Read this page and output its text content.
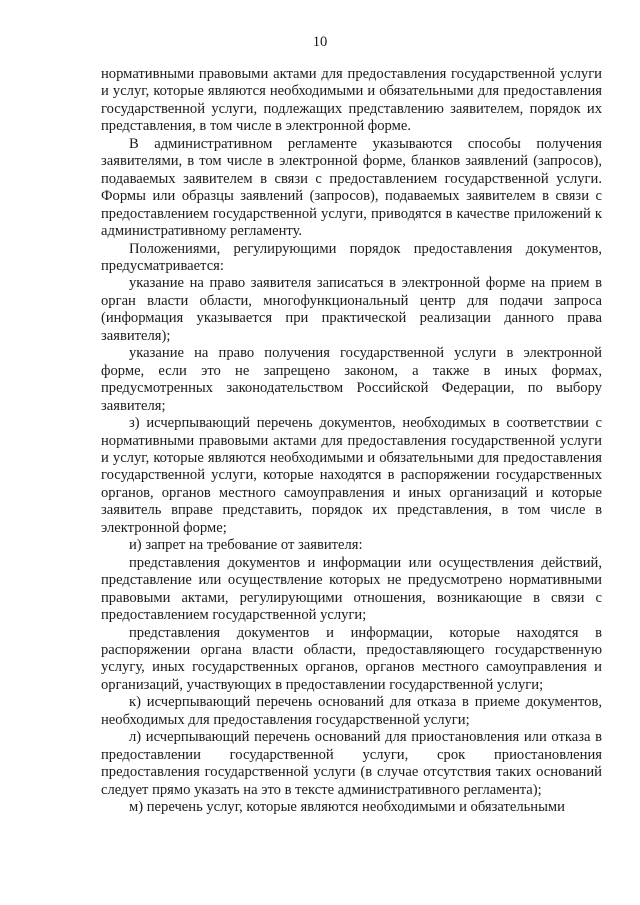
10

нормативными правовыми актами для предоставления государственной услуги и услуг, которые являются необходимыми и обязательными для предоставления государственной услуги, подлежащих представлению заявителем, порядок их представления, в том числе в электронной форме.

В административном регламенте указываются способы получения заявителями, в том числе в электронной форме, бланков заявлений (запросов), подаваемых заявителем в связи с предоставлением государственной услуги. Формы или образцы заявлений (запросов), подаваемых заявителем в связи с предоставлением государственной услуги, приводятся в качестве приложений к административному регламенту.

Положениями, регулирующими порядок предоставления документов, предусматривается:

указание на право заявителя записаться в электронной форме на прием в орган власти области, многофункциональный центр для подачи запроса (информация указывается при практической реализации данного права заявителя);

указание на право получения государственной услуги в электронной форме, если это не запрещено законом, а также в иных формах, предусмотренных законодательством Российской Федерации, по выбору заявителя;

з) исчерпывающий перечень документов, необходимых в соответствии с нормативными правовыми актами для предоставления государственной услуги и услуг, которые являются необходимыми и обязательными для предоставления государственной услуги, которые находятся в распоряжении государственных органов, органов местного самоуправления и иных организаций и которые заявитель вправе представить, порядок их представления, в том числе в электронной форме;

и) запрет на требование от заявителя:

представления документов и информации или осуществления действий, представление или осуществление которых не предусмотрено нормативными правовыми актами, регулирующими отношения, возникающие в связи с предоставлением государственной услуги;

представления документов и информации, которые находятся в распоряжении органа власти области, предоставляющего государственную услугу, иных государственных органов, органов местного самоуправления и организаций, участвующих в предоставлении государственной услуги;

к) исчерпывающий перечень оснований для отказа в приеме документов, необходимых для предоставления государственной услуги;

л) исчерпывающий перечень оснований для приостановления или отказа в предоставлении государственной услуги, срок приостановления предоставления государственной услуги (в случае отсутствия таких оснований следует прямо указать на это в тексте административного регламента);

м) перечень услуг, которые являются необходимыми и обязательными
